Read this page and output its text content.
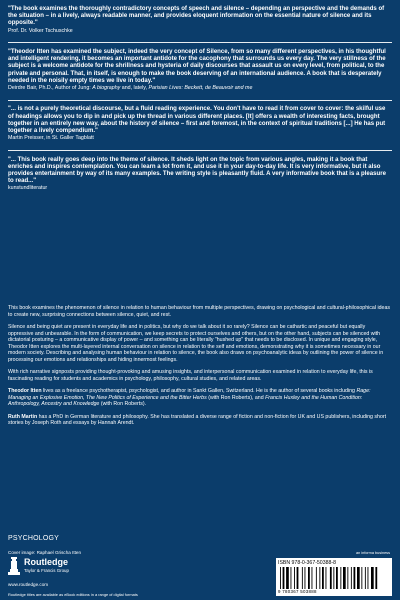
"The book examines the thoroughly contradictory concepts of speech and silence – depending an perspective and the demands of the situation – in a lively, always readable manner, and provides eloquent information on the essential nature of silence and its opposite."

Prof. Dr. Volker Tschuschke

"Theodor Itten has examined the subject, indeed the very concept of Silence, from so many different perspectives, in his thoughtful and intelligent rendering, it becomes an important antidote for the cacophony that surrounds us every day. The very stillness of the subject is a welcome antidote for the shrillness and hysteria of daily discourses that assault us on every level, from political, to the private and personal. That, in itself, is enough to make the book deserving of an international audience. A book that is desperately needed in the noisily empty times we live in today."

Deirdre Bair, Ph.D., Author of Jung: A biography and, lately, Parisian Lives: Beckett, de Beauvoir and me

"... is not a purely theoretical discourse, but a fluid reading experience. You don't have to read it from cover to cover: the skilful use of headings allows you to dip in and pick up the thread in various different places. [It] offers a wealth of interesting facts, brought together in an entirely new way, about the history of silence – first and foremost, in the context of spiritual traditions [...] He has put together a lively compendium."

Martin Preisser, in St. Galler Tagblatt

"... This book really goes deep into the theme of silence. It sheds light on the topic from various angles, making it a book that enriches and inspires contemplation. You can learn a lot from it, and use it in your day-to-day life. It is very informative, but it also provides entertainment by way of its many examples. The writing style is pleasantly fluid. A very informative book that is a pleasure to read..."

kunstundliteratur

This book examines the phenomenon of silence in relation to human behaviour from multiple perspectives, drawing on psychological and cultural-philosophical ideas to create new, surprising connections between silence, quiet, and rest.

Silence and being quiet are present in everyday life and in politics, but why do we talk about it so rarely? Silence can be cathartic and peaceful but equally oppressive and unbearable. In the form of communication, we keep secrets to protect ourselves and others, but on the other hand, subjects can be silenced with dictatorial posturing – a communicative display of power – and something can be literally "hushed up" that needs to be disclosed. In unique and engaging style, Theodor Itten explores the multi-layered internal conversation on silence in relation to the self and emotions, demonstrating why it is sometimes necessary in our modern society. Describing and analysing human behaviour in relation to silence, the book also draws on psychoanalytic ideas by outlining the power of silence in processing our emotions and relationships and hiding innermost feelings.

With rich narrative signposts providing thought-provoking and amusing insights, and interpersonal communication examined in relation to everyday life, this is fascinating reading for students and academics in psychology, philosophy, cultural studies, and related areas.

Theodor Itten lives as a freelance psychotherapist, psychologist, and author in Sankt Gallen, Switzerland. He is the author of several books including Rage: Managing an Explosive Emotion, The New Politics of Experience and the Bitter Herbs (with Ron Roberts), and Francis Huxley and the Human Condition: Anthropology, Ancestry and Knowledge (with Ron Roberts).

Ruth Martin has a PhD in German literature and philosophy. She has translated a diverse range of fiction and non-fiction for UK and US publishers, including short stories by Joseph Roth and essays by Hannah Arendt.

PSYCHOLOGY
Cover image: Raphael Grischa Itten
Routledge
Taylor & Francis Group
www.routledge.com
Routledge titles are available as eBook editions in a range of digital formats
an informa business
ISBN 978-0-367-50388-8
9 780367 503888
